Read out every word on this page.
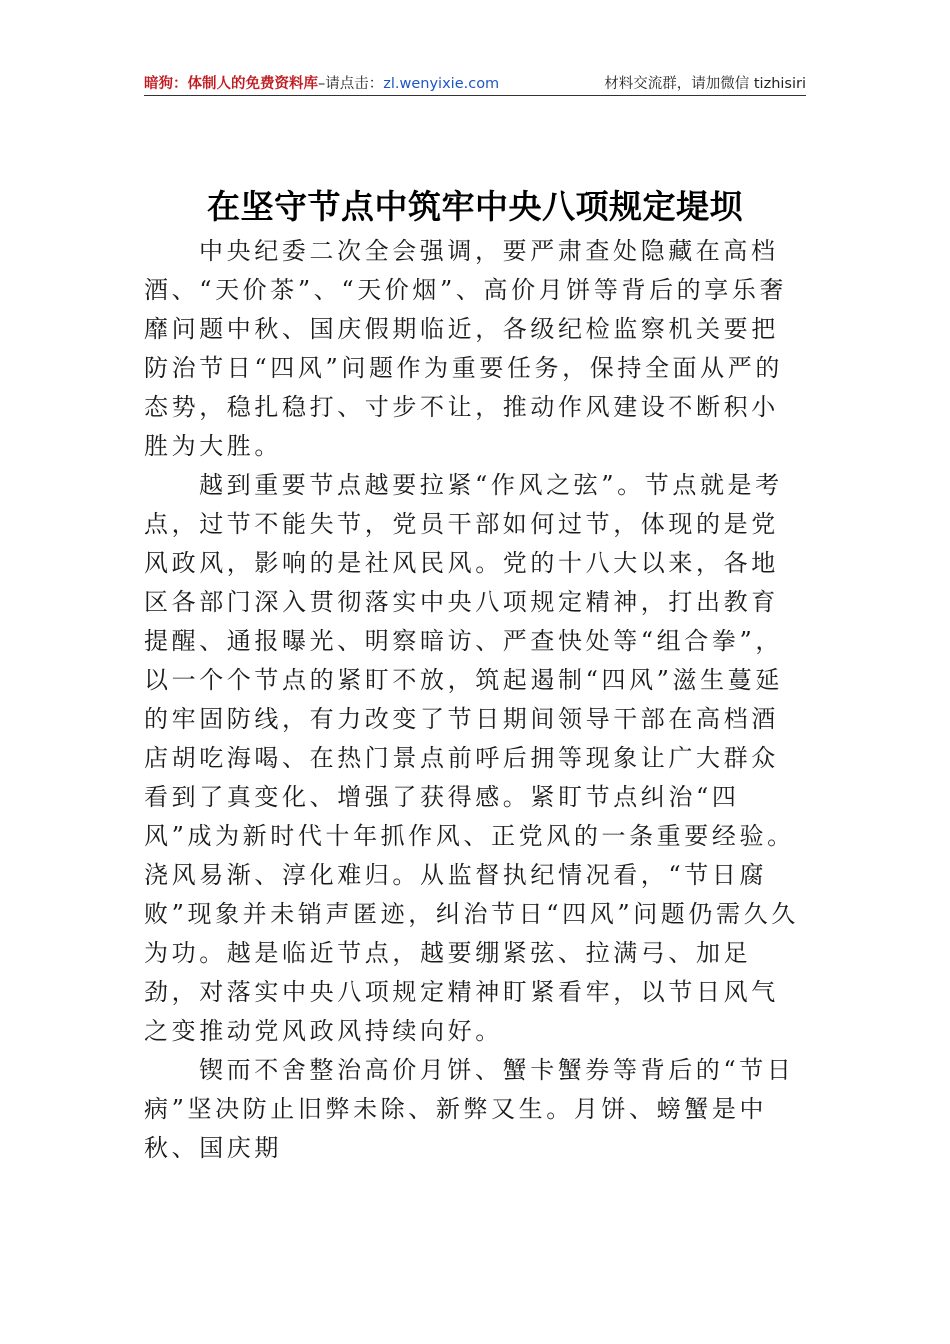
暗狗：体制人的免费资料库 –请点击： zl.wenyixie.com	材料交流群，请加微信 tizhisiri
在坚守节点中筑牢中央八项规定堤坝

中央纪委二次全会强调，要严肃查处隐藏在高档酒、“天价茶”、“天价烟”、高价月饼等背后的享乐奢靡问题中秋、国庆假期临近，各级纪检监察机关要把防治节日“四风”问题作为重要任务，保持全面从严的态势，稳扎稳打、寸步不让，推动作风建设不断积小胜为大胜。

越到重要节点越要拉紧“作风之弦”。节点就是考点，过节不能失节，党员干部如何过节，体现的是党风政风，影响的是社风民风。党的十八大以来，各地区各部门深入贯彻落实中央八项规定精神，打出教育提醒、通报曝光、明察暗访、严查快处等“组合拳”，以一个个节点的紧盯不放，筑起遏制“四风”滋生蔓延的牢固防线，有力改变了节日期间领导干部在高档酒店胡吃海喝、在热门景点前呼后拥等现象让广大群众看到了真变化、增强了获得感。紧盯节点纠治“四风”成为新时代十年抓作风、正党风的一条重要经验。浇风易渐、淳化难归。从监督执纪情况看，“节日腐败”现象并未销声匿迹，纠治节日“四风”问题仍需久久为功。越是临近节点，越要绷紧弦、拉满弓、加足劲，对落实中央八项规定精神盯紧看牢，以节日风气之变推动党风政风持续向好。

锲而不舍整治高价月饼、蟹卡蟹券等背后的“节日病”坚决防止旧弊未除、新弊又生。月饼、螃蟹是中秋、国庆期
